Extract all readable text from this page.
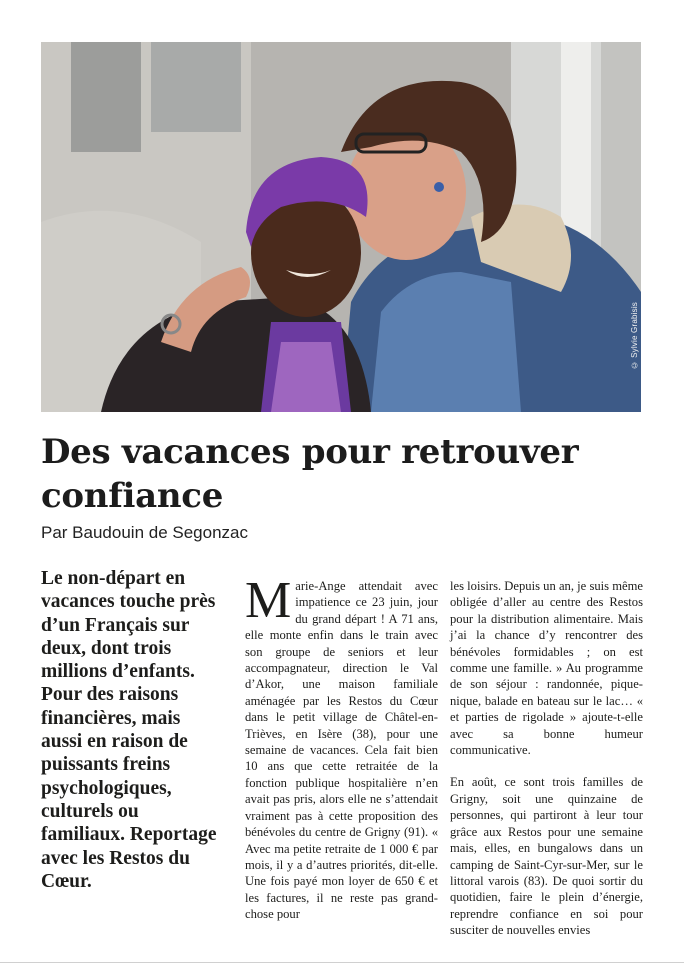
© Sylvie Grabisis
Des vacances pour retrouver confiance
Par Baudouin de Segonzac

Le non-départ en vacances touche près d’un Français sur deux, dont trois millions d’enfants. Pour des raisons financières, mais aussi en raison de puissants freins psychologiques, culturels ou familiaux. Reportage avec les Restos du Cœur.

Marie-Ange attendait avec impatience ce 23 juin, jour du grand départ ! A 71 ans, elle monte enfin dans le train avec son groupe de seniors et leur accompagnateur, direction le Val d’Akor, une maison familiale aménagée par les Restos du Cœur dans le petit village de Châtel-en-Trièves, en Isère (38), pour une semaine de vacances. Cela fait bien 10 ans que cette retraitée de la fonction publique hospitalière n’en avait pas pris, alors elle ne s’attendait vraiment pas à cette proposition des bénévoles du centre de Grigny (91). « Avec ma petite retraite de 1 000 € par mois, il y a d’autres priorités, dit-elle. Une fois payé mon loyer de 650 € et les factures, il ne reste pas grand-chose pour

les loisirs. Depuis un an, je suis même obligée d’aller au centre des Restos pour la distribution alimentaire. Mais j’ai la chance d’y rencontrer des bénévoles formidables ; on est comme une famille. » Au programme de son séjour : randonnée, pique-nique, balade en bateau sur le lac… « et parties de rigolade » ajoute-t-elle avec sa bonne humeur communicative.

En août, ce sont trois familles de Grigny, soit une quinzaine de personnes, qui partiront à leur tour grâce aux Restos pour une semaine mais, elles, en bungalows dans un camping de Saint-Cyr-sur-Mer, sur le littoral varois (83). De quoi sortir du quotidien, faire le plein d’énergie, reprendre confiance en soi pour susciter de nouvelles envies
